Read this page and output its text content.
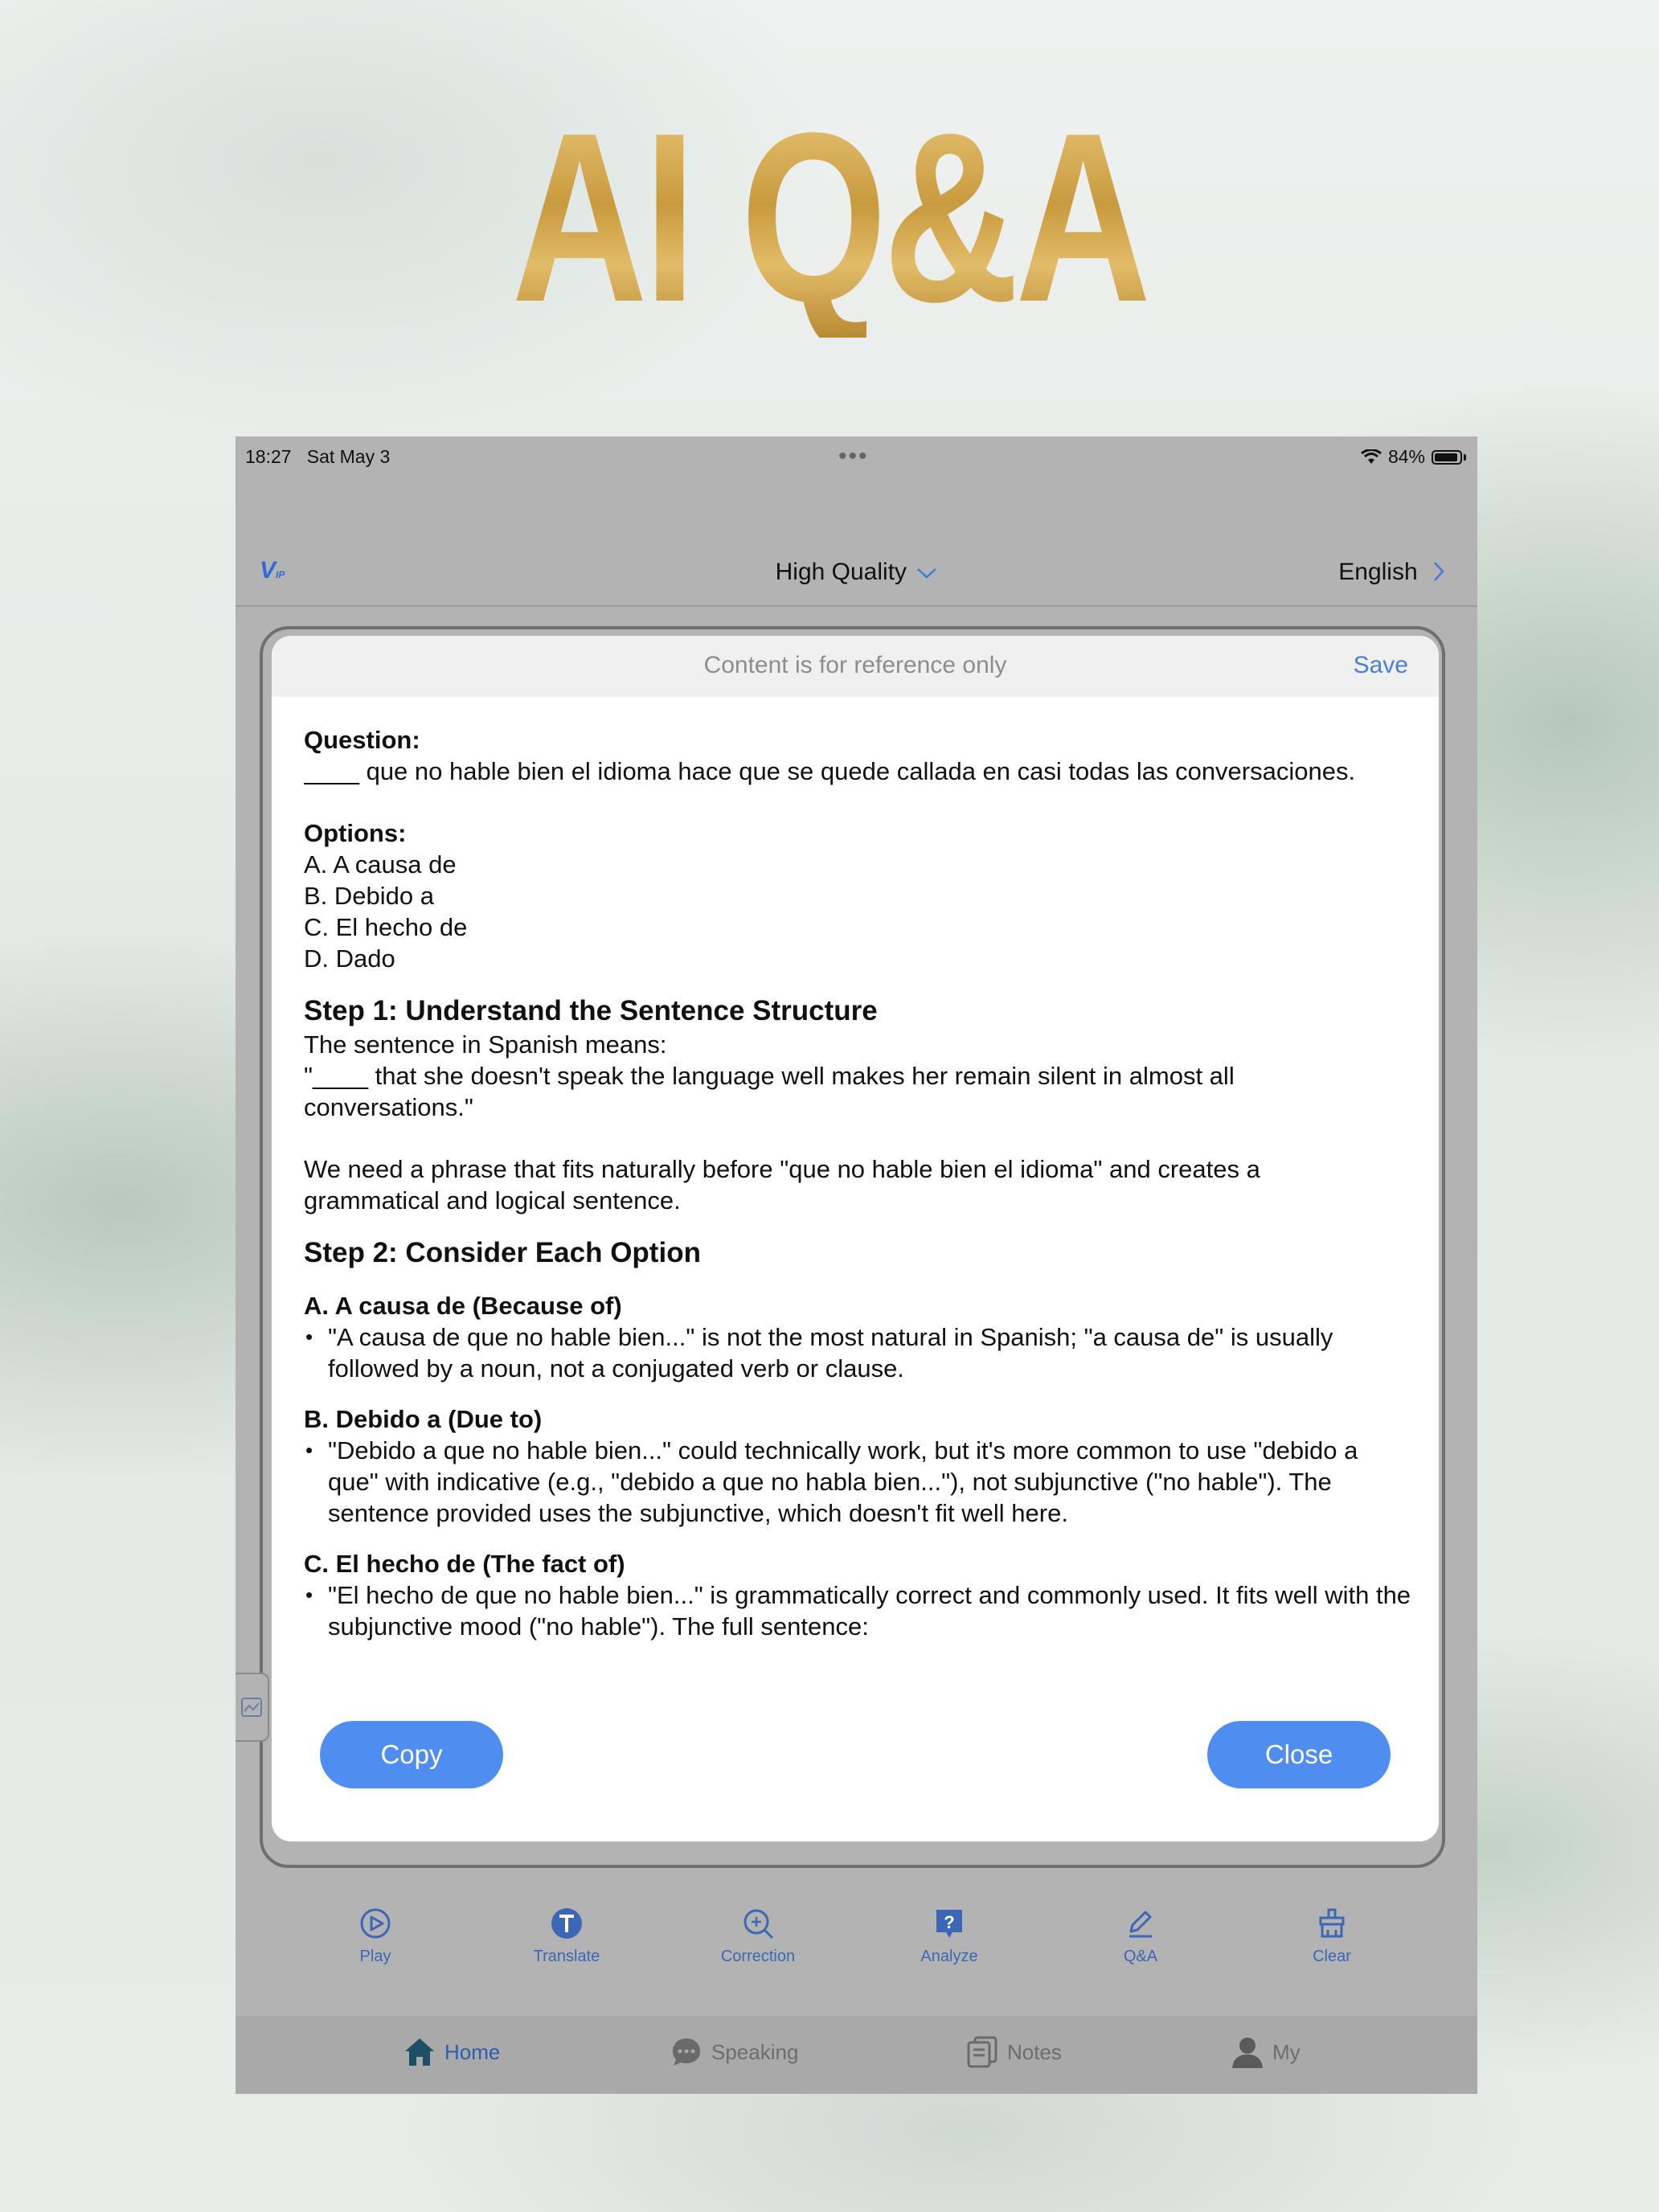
AI Q&A
18:27 Sat May 3	•••	84%
VIP	High Quality	English
Play	Translate	Correction
?
Analyze	Q&A	Clear
Home	Speaking	Notes	My
Content is for reference only	Save

Question:

____ que no hable bien el idioma hace que se quede callada en casi todas las conversaciones.

Options:

A. A causa de

B. Debido a

C. El hecho de

D. Dado

Step 1: Understand the Sentence Structure

The sentence in Spanish means:

"____ that she doesn't speak the language well makes her remain silent in almost all conversations."

We need a phrase that fits naturally before "que no hable bien el idioma" and creates a grammatical and logical sentence.

Step 2: Consider Each Option

A. A causa de (Because of)

• "A causa de que no hable bien..." is not the most natural in Spanish; "a causa de" is usually followed by a noun, not a conjugated verb or clause.

B. Debido a (Due to)

• "Debido a que no hable bien..." could technically work, but it's more common to use "debido a que" with indicative (e.g., "debido a que no habla bien..."), not subjunctive ("no hable"). The sentence provided uses the subjunctive, which doesn't fit well here.

C. El hecho de (The fact of)

• "El hecho de que no hable bien..." is grammatically correct and commonly used. It fits well with the subjunctive mood ("no hable"). The full sentence:

Copy	Close
